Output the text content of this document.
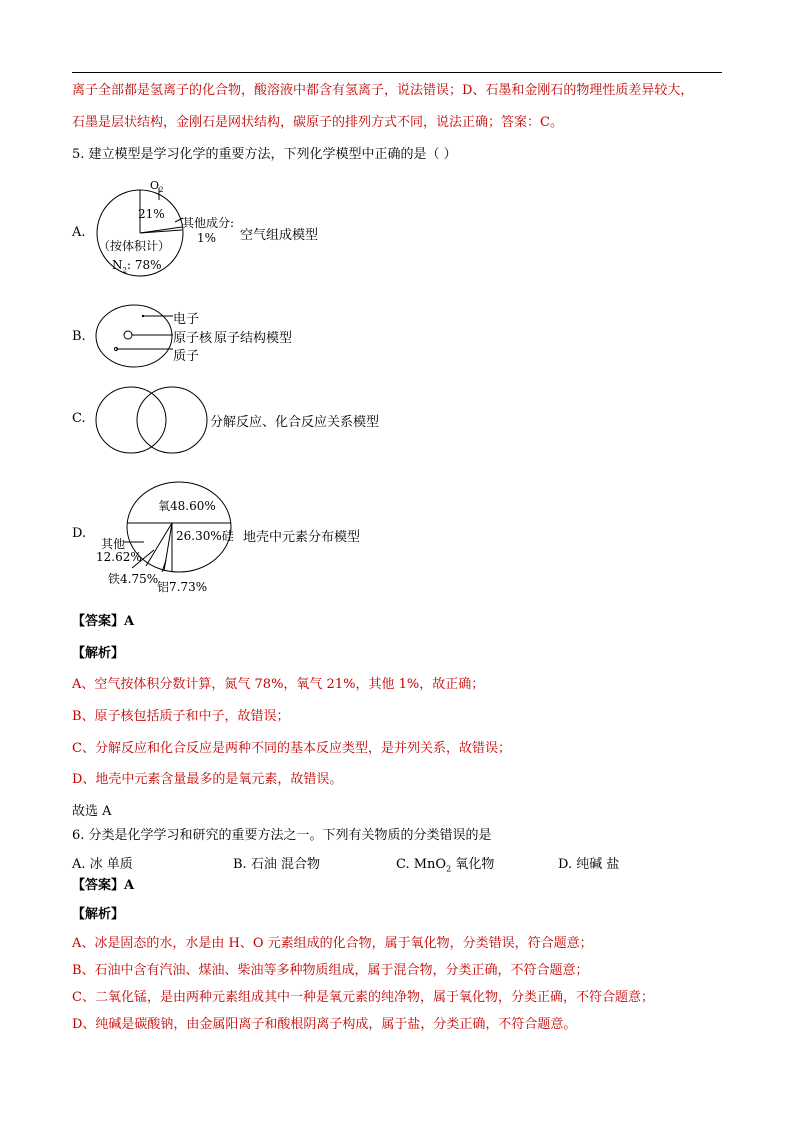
离子全部都是氢离子的化合物，酸溶液中都含有氢离子，说法错误；D、石墨和金刚石的物理性质差异较大，
石墨是层状结构，金刚石是网状结构，碳原子的排列方式不同，说法正确；答案：C。
5. 建立模型是学习化学的重要方法，下列化学模型中正确的是（ ）
A.
$O_2$
21%
其他成分:
1%
（按体积计）
$N_2$: 78%
空气组成模型
B.
电子
原子核 原子结构模型
质子
C.	分解反应、化合反应关系模型
D.
氧48.60%
26.30%硅
其他
12.62%
铁4.75%
铝7.73%
地壳中元素分布模型
【答案】A
【解析】
A、空气按体积分数计算，氮气 78%，氧气 21%，其他 1%，故正确；
B、原子核包括质子和中子，故错误；
C、分解反应和化合反应是两种不同的基本反应类型，是并列关系，故错误；
D、地壳中元素含量最多的是氧元素，故错误。
故选 A
6. 分类是化学学习和研究的重要方法之一。下列有关物质的分类错误的是
A. 冰 单质	B. 石油 混合物	C. MnO$_2$ 氧化物	D. 纯碱 盐
【答案】A
【解析】
A、冰是固态的水，水是由 H、O 元素组成的化合物，属于氧化物，分类错误，符合题意；
B、石油中含有汽油、煤油、柴油等多种物质组成，属于混合物，分类正确，不符合题意；
C、二氧化锰，是由两种元素组成其中一种是氧元素的纯净物，属于氧化物，分类正确，不符合题意；
D、纯碱是碳酸钠，由金属阳离子和酸根阴离子构成，属于盐，分类正确，不符合题意。
